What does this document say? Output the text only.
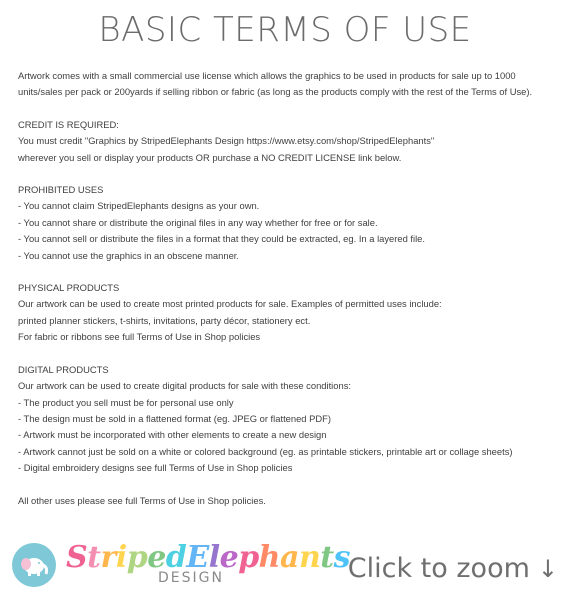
BASIC TERMS OF USE

Artwork comes with a small commercial use license which allows the graphics to be used in products for sale up to 1000 units/sales per pack or 200yards if selling ribbon or fabric (as long as the products comply with the rest of the Terms of Use).

CREDIT IS REQUIRED:

You must credit "Graphics by StripedElephants Design https://www.etsy.com/shop/StripedElephants"

wherever you sell or display your products OR purchase a NO CREDIT LICENSE link below.

PROHIBITED USES

- You cannot claim StripedElephants designs as your own.

- You cannot share or distribute the original files in any way whether for free or for sale.

- You cannot sell or distribute the files in a format that they could be extracted, eg. In a layered file.

- You cannot use the graphics in an obscene manner.

PHYSICAL PRODUCTS

Our artwork can be used to create most printed products for sale. Examples of permitted uses include:

printed planner stickers, t-shirts, invitations, party décor, stationery ect.

For fabric or ribbons see full Terms of Use in Shop policies

DIGITAL PRODUCTS

Our artwork can be used to create digital products for sale with these conditions:

- The product you sell must be for personal use only

- The design must be sold in a flattened format (eg. JPEG or flattened PDF)

- Artwork must be incorporated with other elements to create a new design

- Artwork cannot just be sold on a white or colored background (eg. as printable stickers, printable art or collage sheets)

- Digital embroidery designs see full Terms of Use in Shop policies

All other uses please see full Terms of Use in Shop policies.

StripedElephants
DESIGN	Click to zoom ↓
